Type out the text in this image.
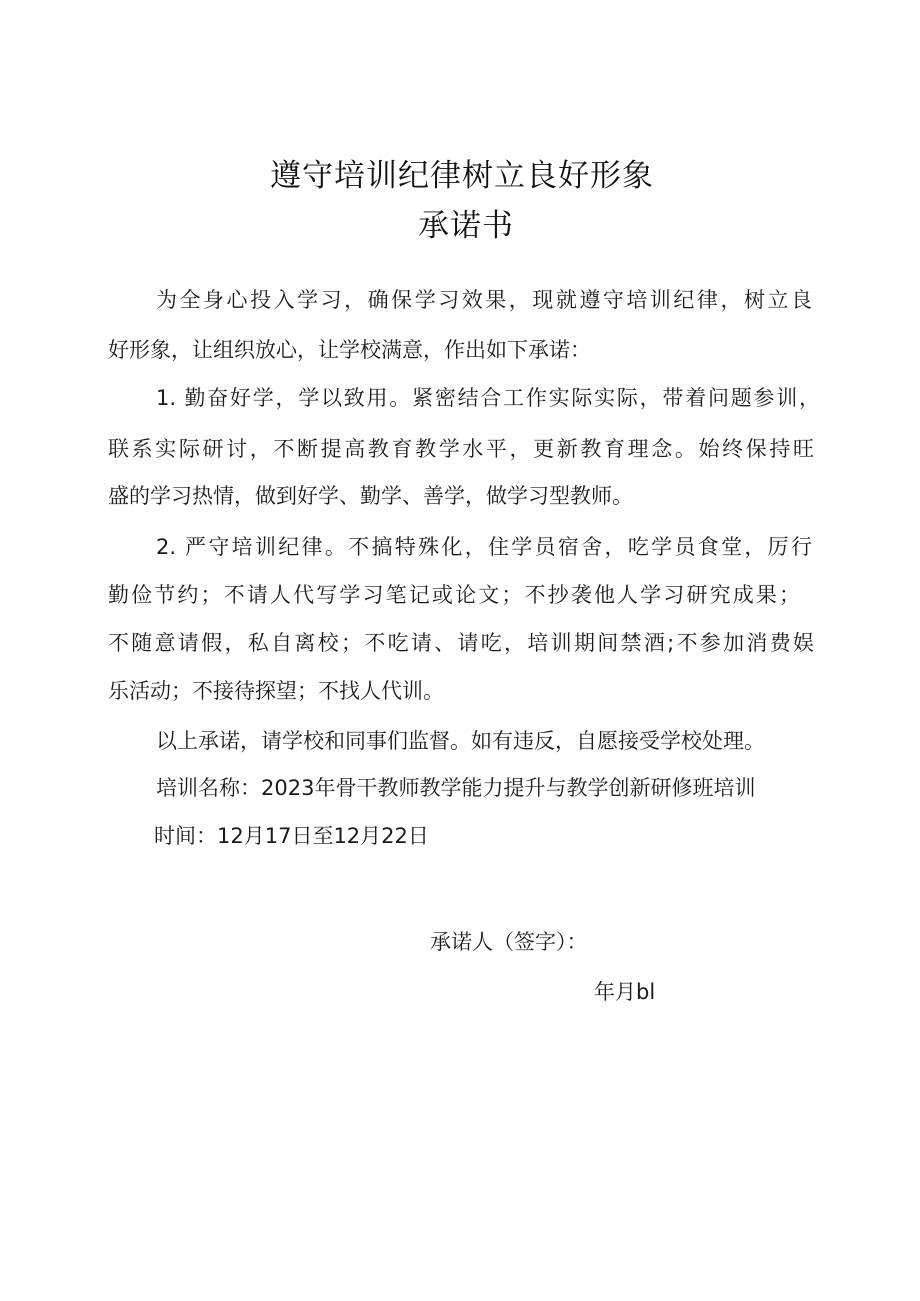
遵守培训纪律树立良好形象
承诺书
为全身心投入学习，确保学习效果，现就遵守培训纪律，树立良
好形象，让组织放心，让学校满意，作出如下承诺：
1. 勤奋好学，学以致用。紧密结合工作实际实际，带着问题参训，
联系实际研讨，不断提高教育教学水平，更新教育理念。始终保持旺
盛的学习热情，做到好学、勤学、善学，做学习型教师。
2. 严守培训纪律。不搞特殊化，住学员宿舍，吃学员食堂，厉行
勤俭节约；不请人代写学习笔记或论文；不抄袭他人学习研究成果；
不随意请假，私自离校；不吃请、请吃，培训期间禁酒;不参加消费娱
乐活动；不接待探望；不找人代训。
以上承诺，请学校和同事们监督。如有违反，自愿接受学校处理。
培训名称：2023年骨干教师教学能力提升与教学创新研修班培训
时间：12月17日至12月22日
承诺人（签字）：
年月bl
